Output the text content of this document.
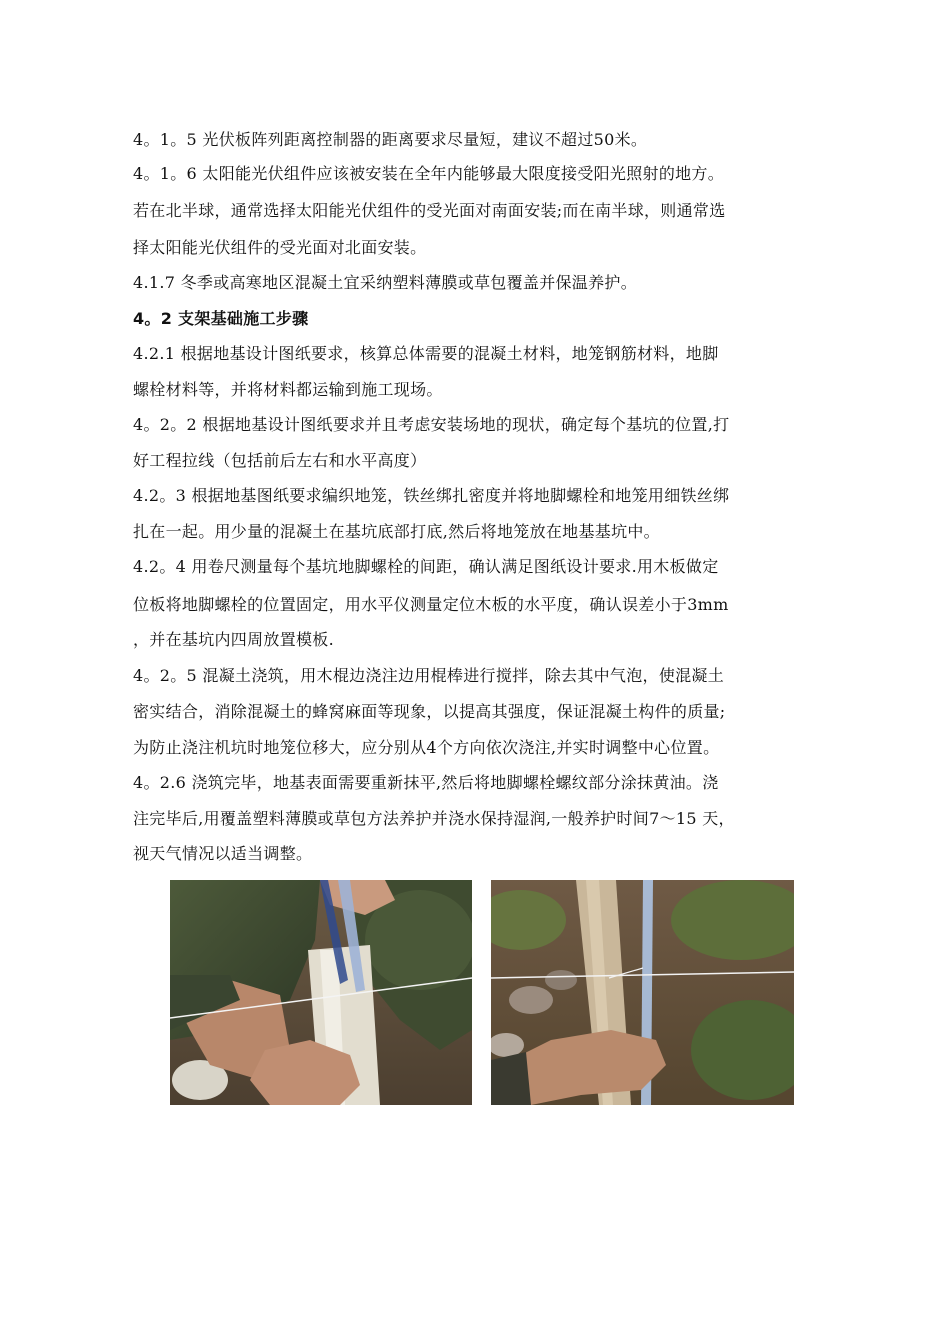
4。1。5 光伏板阵列距离控制器的距离要求尽量短，建议不超过50米。
4。1。6 太阳能光伏组件应该被安装在全年内能够最大限度接受阳光照射的地方。
若在北半球，通常选择太阳能光伏组件的受光面对南面安装;而在南半球，则通常选
择太阳能光伏组件的受光面对北面安装。
4.1.7 冬季或高寒地区混凝土宜采纳塑料薄膜或草包覆盖并保温养护。
4。2 支架基础施工步骤
4.2.1 根据地基设计图纸要求，核算总体需要的混凝土材料，地笼钢筋材料，地脚
螺栓材料等，并将材料都运输到施工现场。
4。2。2 根据地基设计图纸要求并且考虑安装场地的现状，确定每个基坑的位置,打
好工程拉线（包括前后左右和水平高度）
4.2。3 根据地基图纸要求编织地笼，铁丝绑扎密度并将地脚螺栓和地笼用细铁丝绑
扎在一起。用少量的混凝土在基坑底部打底,然后将地笼放在地基基坑中。
4.2。4 用卷尺测量每个基坑地脚螺栓的间距，确认满足图纸设计要求.用木板做定
位板将地脚螺栓的位置固定，用水平仪测量定位木板的水平度，确认误差小于3mm
，并在基坑内四周放置模板.
4。2。5 混凝土浇筑，用木棍边浇注边用棍棒进行搅拌，除去其中气泡，使混凝土
密实结合，消除混凝土的蜂窝麻面等现象，以提高其强度，保证混凝土构件的质量;
为防止浇注机坑时地笼位移大，应分别从4个方向依次浇注,并实时调整中心位置。
4。2.6 浇筑完毕，地基表面需要重新抹平,然后将地脚螺栓螺纹部分涂抹黄油。浇
注完毕后,用覆盖塑料薄膜或草包方法养护并浇水保持湿润,一般养护时间7～15 天，
视天气情况以适当调整。
